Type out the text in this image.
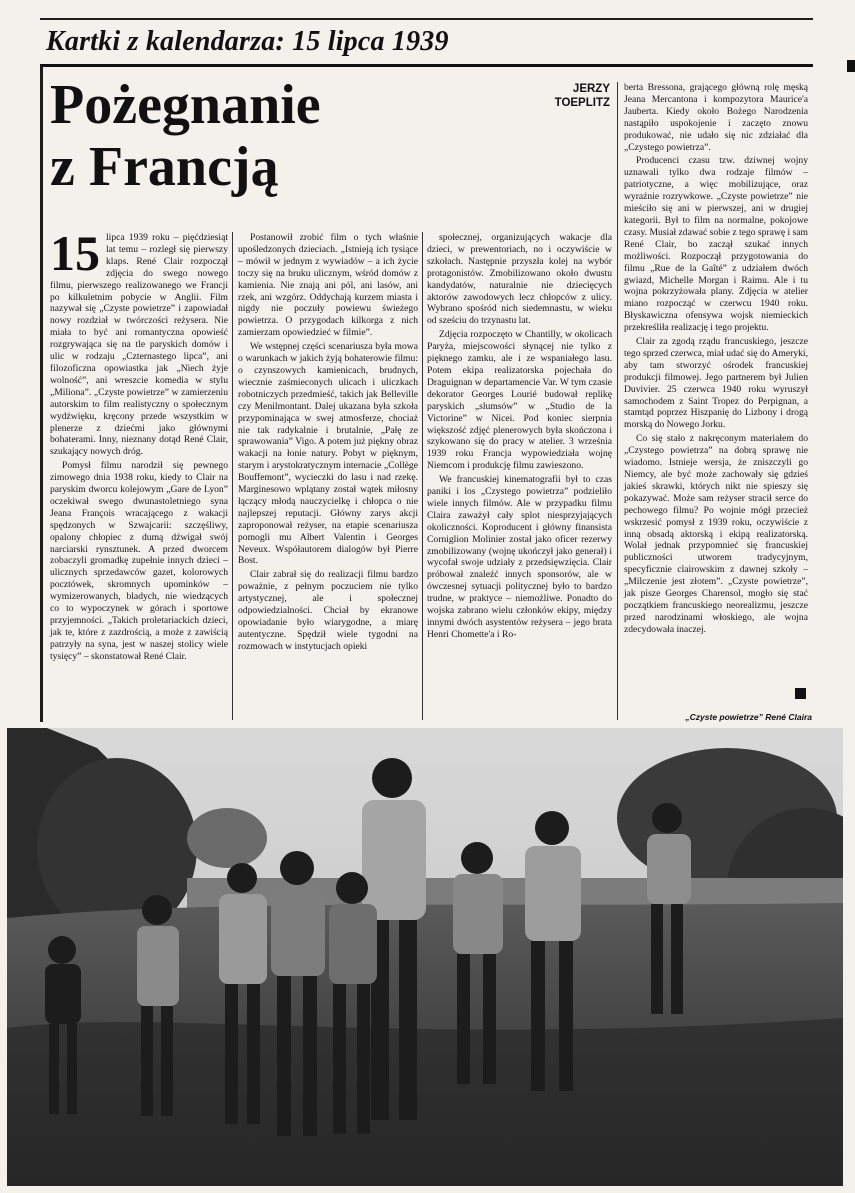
Kartki z kalendarza: 15 lipca 1939
Pożegnanie
z Francją
JERZY
TOEPLITZ

15 lipca 1939 roku – pięćdziesiąt lat temu – rozległ się pierwszy klaps. René Clair rozpoczął zdjęcia do swego nowego filmu, pierwszego realizowanego we Francji po kilkuletnim pobycie w Anglii. Film nazywał się „Czyste powietrze” i zapowiadał nowy rozdział w twórczości reżysera. Nie miała to być ani romantyczna opowieść rozgrywająca się na tle paryskich domów i ulic w rodzaju „Czternastego lipca”, ani filozoficzna opowiastka jak „Niech żyje wolność”, ani wreszcie komedia w stylu „Miliona”. „Czyste powietrze” w zamierzeniu autorskim to film realistyczny o społecznym wydźwięku, kręcony przede wszystkim w plenerze z dziećmi jako głównymi bohaterami. Inny, nieznany dotąd René Clair, szukający nowych dróg.

Pomysł filmu narodził się pewnego zimowego dnia 1938 roku, kiedy to Clair na paryskim dworcu kolejowym „Gare de Lyon” oczekiwał swego dwunastoletniego syna Jeana François wracającego z wakacji spędzonych w Szwajcarii: szczęśliwy, opalony chłopiec z dumą dźwigał swój narciarski rynsztunek. A przed dworcem zobaczyli gromadkę zupełnie innych dzieci – ulicznych sprzedawców gazet, kolorowych pocztówek, skromnych upominków – wymizerowanych, bladych, nie wiedzących co to wypoczynek w górach i sportowe przyjemności. „Takich proletariackich dzieci, jak te, które z zazdrością, a może z zawiścią patrzyły na syna, jest w naszej stolicy wiele tysięcy” – skonstatował René Clair.

Postanowił zrobić film o tych właśnie upośledzonych dzieciach. „Istnieją ich tysiące – mówił w jednym z wywiadów – a ich życie toczy się na bruku ulicznym, wśród domów z kamienia. Nie znają ani pól, ani lasów, ani rzek, ani wzgórz. Oddychają kurzem miasta i nigdy nie poczuły powiewu świeżego powietrza. O przygodach kilkorga z nich zamierzam opowiedzieć w filmie”.

We wstępnej części scenariusza była mowa o warunkach w jakich żyją bohaterowie filmu: o czynszowych kamienicach, brudnych, wiecznie zaśmieconych ulicach i uliczkach robotniczych przedmieść, takich jak Belleville czy Menilmontant. Dalej ukazana była szkoła przypominająca w swej atmosferze, chociaż nie tak radykalnie i brutalnie, „Pałę ze sprawowania” Vigo. A potem już piękny obraz wakacji na łonie natury. Pobyt w pięknym, starym i arystokratycznym internacie „Collège Bouffemont”, wycieczki do lasu i nad rzekę. Marginesowo wplątany został wątek miłosny łączący młodą nauczycielkę i chłopca o nie najlepszej reputacji. Główny zarys akcji zaproponował reżyser, na etapie scenariusza pomogli mu Albert Valentin i Georges Neveux. Współautorem dialogów był Pierre Bost.

Clair zabrał się do realizacji filmu bardzo poważnie, z pełnym poczuciem nie tylko artystycznej, ale i społecznej odpowiedzialności. Chciał by ekranowe opowiadanie było wiarygodne, a miarę autentyczne. Spędził wiele tygodni na rozmowach w instytucjach opieki

społecznej, organizujących wakacje dla dzieci, w prewentoriach, no i oczywiście w szkołach. Następnie przyszła kolej na wybór protagonistów. Zmobilizowano około dwustu kandydatów, naturalnie nie dziecięcych aktorów zawodowych lecz chłopców z ulicy. Wybrano spośród nich siedemnastu, w wieku od sześciu do trzynastu lat.

Zdjęcia rozpoczęto w Chantilly, w okolicach Paryża, miejscowości słynącej nie tylko z pięknego zamku, ale i ze wspaniałego lasu. Potem ekipa realizatorska pojechała do Draguignan w departamencie Var. W tym czasie dekorator Georges Lourié budował replikę paryskich „slumsów” w „Studio de la Victorine” w Nicei. Pod koniec sierpnia większość zdjęć plenerowych była skończona i szykowano się do pracy w atelier. 3 września 1939 roku Francja wypowiedziała wojnę Niemcom i produkcję filmu zawieszono.

We francuskiej kinematografii był to czas paniki i los „Czystego powietrza” podzieliło wiele innych filmów. Ale w przypadku filmu Claira zaważył cały splot niesprzyjających okoliczności. Koproducent i główny finansista Corniglion Molinier został jako oficer rezerwy zmobilizowany (wojnę ukończył jako generał) i wycofał swoje udziały z przedsięwzięcia. Clair próbował znaleźć innych sponsorów, ale w ówczesnej sytuacji politycznej było to bardzo trudne, w praktyce – niemożliwe. Ponadto do wojska zabrano wielu członków ekipy, między innymi dwóch asystentów reżysera – jego brata Henri Chomette'a i Ro-

berta Bressona, grającego główną rolę męską Jeana Mercantona i kompozytora Maurice'a Jauberta. Kiedy około Bożego Narodzenia nastąpiło uspokojenie i zaczęto znowu produkować, nie udało się nic zdziałać dla „Czystego powietrza”.

Producenci czasu tzw. dziwnej wojny uznawali tylko dwa rodzaje filmów – patriotyczne, a więc mobilizujące, oraz wyraźnie rozrywkowe. „Czyste powietrze” nie mieściło się ani w pierwszej, ani w drugiej kategorii. Był to film na normalne, pokojowe czasy. Musiał zdawać sobie z tego sprawę i sam René Clair, bo zaczął szukać innych możliwości. Rozpoczął przygotowania do filmu „Rue de la Gaîté” z udziałem dwóch gwiazd, Michelle Morgan i Raimu. Ale i tu wojna pokrzyżowała plany. Zdjęcia w atelier miano rozpocząć w czerwcu 1940 roku. Błyskawiczna ofensywa wojsk niemieckich przekreśliła realizację i tego projektu.

Clair za zgodą rządu francuskiego, jeszcze tego sprzed czerwca, miał udać się do Ameryki, aby tam stworzyć ośrodek francuskiej produkcji filmowej. Jego partnerem był Julien Duvivier. 25 czerwca 1940 roku wyruszył samochodem z Saint Tropez do Perpignan, a stamtąd poprzez Hiszpanię do Lizbony i drogą morską do Nowego Jorku.

Co się stało z nakręconym materiałem do „Czystego powietrza” na dobrą sprawę nie wiadomo. Istnieje wersja, że zniszczyli go Niemcy, ale być może zachowały się gdzieś jakieś skrawki, których nikt nie spieszy się pokazywać. Może sam reżyser stracił serce do pechowego filmu? Po wojnie mógł przecież wskrzesić pomysł z 1939 roku, oczywiście z inną obsadą aktorską i ekipą realizatorską. Wolał jednak przypomnieć się francuskiej publiczności utworem tradycyjnym, specyficznie clairowskim z dawnej szkoły – „Milczenie jest złotem”. „Czyste powietrze”, jak pisze Georges Charensol, mogło się stać początkiem francuskiego neorealizmu, jeszcze przed narodzinami włoskiego, ale wojna zdecydowała inaczej.

„Czyste powietrze” René Claira
